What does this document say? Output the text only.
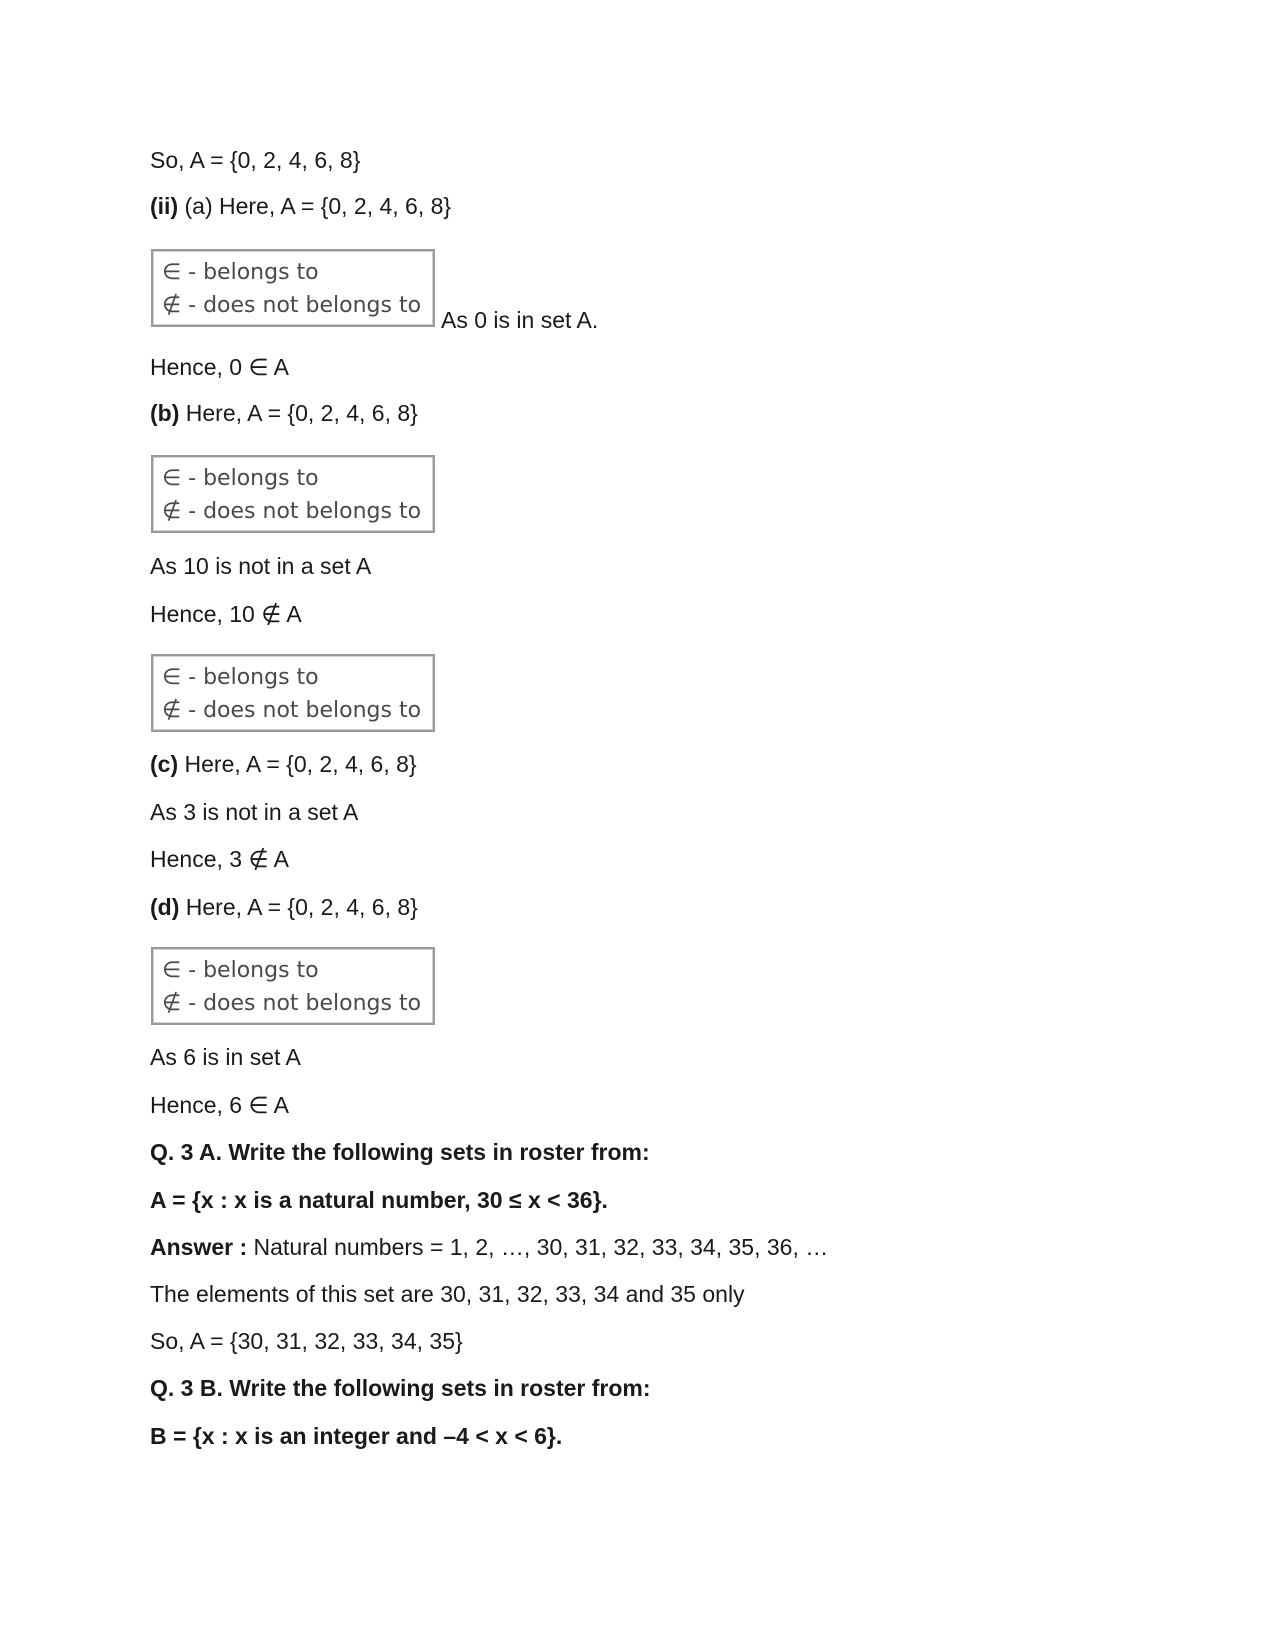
So, A = {0, 2, 4, 6, 8}
(ii) (a) Here, A = {0, 2, 4, 6, 8}
∈ - belongs to
∉ - does not belongs to
As 0 is in set A.
Hence, 0 ∈ A
(b) Here, A = {0, 2, 4, 6, 8}
∈ - belongs to
∉ - does not belongs to
As 10 is not in a set A
Hence, 10 ∉ A
∈ - belongs to
∉ - does not belongs to
(c) Here, A = {0, 2, 4, 6, 8}
As 3 is not in a set A
Hence, 3 ∉ A
(d) Here, A = {0, 2, 4, 6, 8}
∈ - belongs to
∉ - does not belongs to
As 6 is in set A
Hence, 6 ∈ A
Q. 3 A. Write the following sets in roster from:
A = {x : x is a natural number, 30 ≤ x < 36}.
Answer : Natural numbers = 1, 2, …, 30, 31, 32, 33, 34, 35, 36, …
The elements of this set are 30, 31, 32, 33, 34 and 35 only
So, A = {30, 31, 32, 33, 34, 35}
Q. 3 B. Write the following sets in roster from:
B = {x : x is an integer and –4 < x < 6}.
